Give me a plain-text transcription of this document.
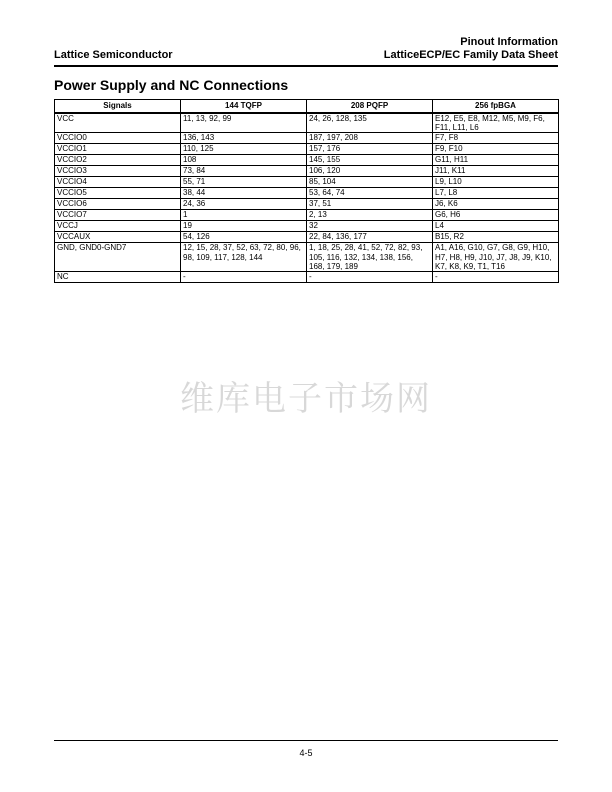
Lattice Semiconductor
Pinout Information
LatticeECP/EC Family Data Sheet
Power Supply and NC Connections
Signals	144 TQFP	208 PQFP	256 fpBGA
VCC	11, 13, 92, 99	24, 26, 128, 135	E12, E5, E8, M12, M5, M9, F6, F11, L11, L6
VCCIO0	136, 143	187, 197, 208	F7, F8
VCCIO1	110, 125	157, 176	F9, F10
VCCIO2	108	145, 155	G11, H11
VCCIO3	73, 84	106, 120	J11, K11
VCCIO4	55, 71	85, 104	L9, L10
VCCIO5	38, 44	53, 64, 74	L7, L8
VCCIO6	24, 36	37, 51	J6, K6
VCCIO7	1	2, 13	G6, H6
VCCJ	19	32	L4
VCCAUX	54, 126	22, 84, 136, 177	B15, R2
GND, GND0-GND7	12, 15, 28, 37, 52, 63, 72, 80, 96, 98, 109, 117, 128, 144	1, 18, 25, 28, 41, 52, 72, 82, 93, 105, 116, 132, 134, 138, 156, 168, 179, 189	A1, A16, G10, G7, G8, G9, H10, H7, H8, H9, J10, J7, J8, J9, K10, K7, K8, K9, T1, T16
NC	-	-	-
维库电子市场网
4-5
